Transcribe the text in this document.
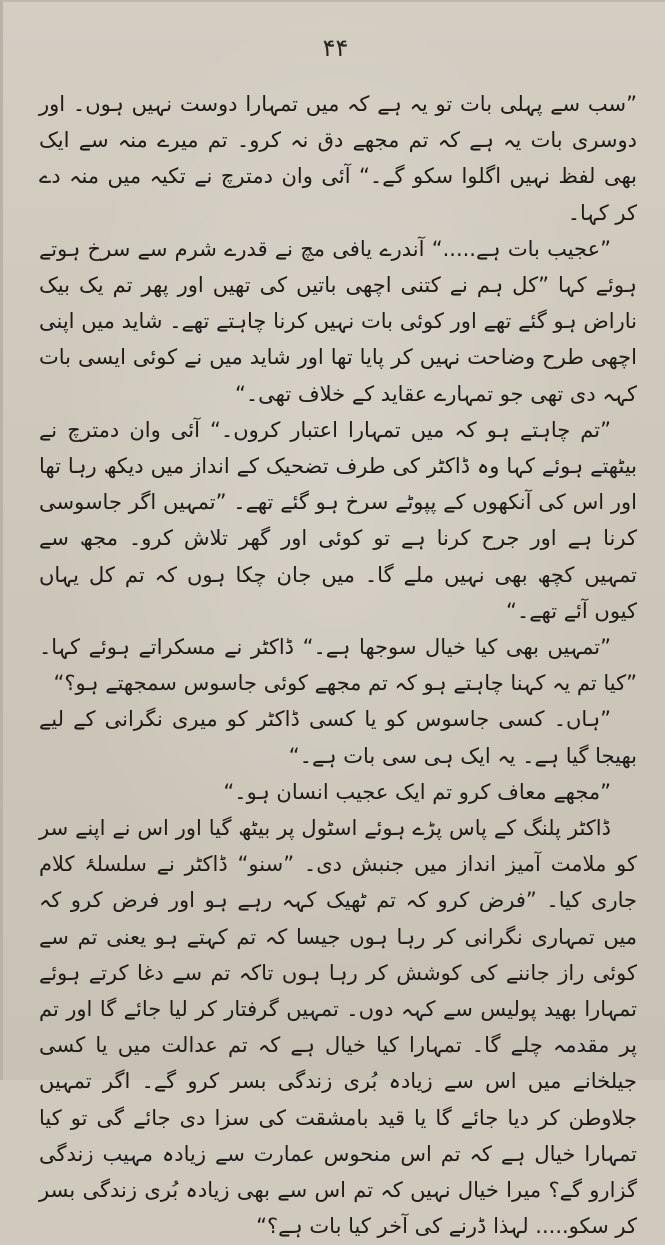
۴۴

”سب سے پہلی بات تو یہ ہے کہ میں تمہارا دوست نہیں ہوں۔ اور دوسری بات یہ ہے کہ تم مجھے دق نہ کرو۔ تم میرے منہ سے ایک بھی لفظ نہیں اگلوا سکو گے۔“ آئی وان دمترچ نے تکیہ میں منہ دے کر کہا۔

”عجیب بات ہے.....“ آندرے یافی مچ نے قدرے شرم سے سرخ ہوتے ہوئے کہا ”کل ہم نے کتنی اچھی باتیں کی تھیں اور پھر تم یک بیک ناراض ہو گئے تھے اور کوئی بات نہیں کرنا چاہتے تھے۔ شاید میں اپنی اچھی طرح وضاحت نہیں کر پایا تھا اور شاید میں نے کوئی ایسی بات کہہ دی تھی جو تمہارے عقاید کے خلاف تھی۔“

”تم چاہتے ہو کہ میں تمہارا اعتبار کروں۔“ آئی وان دمترچ نے بیٹھتے ہوئے کہا وہ ڈاکٹر کی طرف تضحیک کے انداز میں دیکھ رہا تھا اور اس کی آنکھوں کے پپوٹے سرخ ہو گئے تھے۔ ”تمہیں اگر جاسوسی کرنا ہے اور جرح کرنا ہے تو کوئی اور گھر تلاش کرو۔ مجھ سے تمہیں کچھ بھی نہیں ملے گا۔ میں جان چکا ہوں کہ تم کل یہاں کیوں آئے تھے۔“

”تمہیں بھی کیا خیال سوجھا ہے۔“ ڈاکٹر نے مسکراتے ہوئے کہا۔ ”کیا تم یہ کہنا چاہتے ہو کہ تم مجھے کوئی جاسوس سمجھتے ہو؟“

”ہاں۔ کسی جاسوس کو یا کسی ڈاکٹر کو میری نگرانی کے لیے بھیجا گیا ہے۔ یہ ایک ہی سی بات ہے۔“

”مجھے معاف کرو تم ایک عجیب انسان ہو۔“

ڈاکٹر پلنگ کے پاس پڑے ہوئے اسٹول پر بیٹھ گیا اور اس نے اپنے سر کو ملامت آمیز انداز میں جنبش دی۔ ”سنو“ ڈاکٹر نے سلسلۂ کلام جاری کیا۔ ”فرض کرو کہ تم ٹھیک کہہ رہے ہو اور فرض کرو کہ میں تمہاری نگرانی کر رہا ہوں جیسا کہ تم کہتے ہو یعنی تم سے کوئی راز جاننے کی کوشش کر رہا ہوں تاکہ تم سے دغا کرتے ہوئے تمہارا بھید پولیس سے کہہ دوں۔ تمہیں گرفتار کر لیا جائے گا اور تم پر مقدمہ چلے گا۔ تمہارا کیا خیال ہے کہ تم عدالت میں یا کسی جیلخانے میں اس سے زیادہ بُری زندگی بسر کرو گے۔ اگر تمہیں جلاوطن کر دیا جائے گا یا قید بامشقت کی سزا دی جائے گی تو کیا تمہارا خیال ہے کہ تم اس منحوس عمارت سے زیادہ مہیب زندگی گزارو گے؟ میرا خیال نہیں کہ تم اس سے بھی زیادہ بُری زندگی بسر کر سکو..... لہذا ڈرنے کی آخر کیا بات ہے؟“
